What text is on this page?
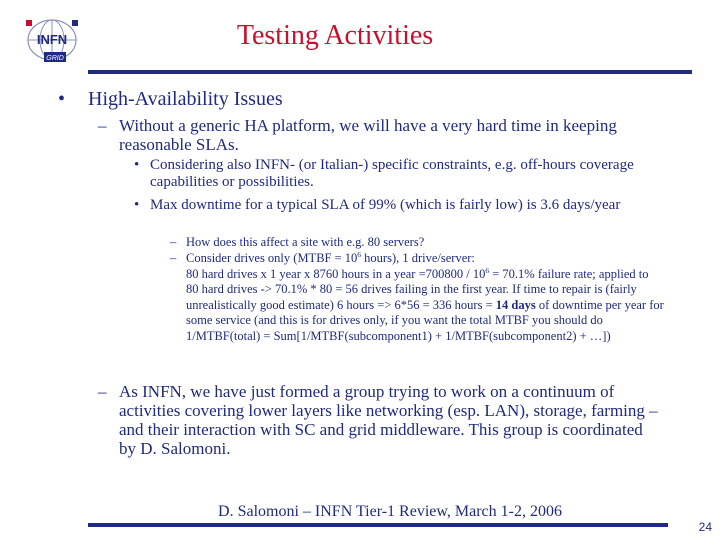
INFN
GRID
Testing Activities
• High-Availability Issues
– Without a generic HA platform, we will have a very hard time in keeping reasonable SLAs.
• Considering also INFN- (or Italian-) specific constraints, e.g. off-hours coverage capabilities or possibilities.
• Max downtime for a typical SLA of 99% (which is fairly low) is 3.6 days/year
– How does this affect a site with e.g. 80 servers?
– Consider drives only (MTBF = $10^6$ hours), 1 drive/server:
80 hard drives x 1 year x 8760 hours in a year $=700800 / 10^6 = 70.1\%$ failure rate; applied to 80 hard drives -> 70.1% * 80 = 56 drives failing in the first year. If time to repair is (fairly unrealistically good estimate) 6 hours => 6*56 = 336 hours = 14 days of downtime per year for some service (and this is for drives only, if you want the total MTBF you should do 1/MTBF(total) = Sum[1/MTBF(subcomponent1) + 1/MTBF(subcomponent2) + …])
– As INFN, we have just formed a group trying to work on a continuum of activities covering lower layers like networking (esp. LAN), storage, farming – and their interaction with SC and grid middleware. This group is coordinated by D. Salomoni.
D. Salomoni – INFN Tier-1 Review, March 1-2, 2006
24
